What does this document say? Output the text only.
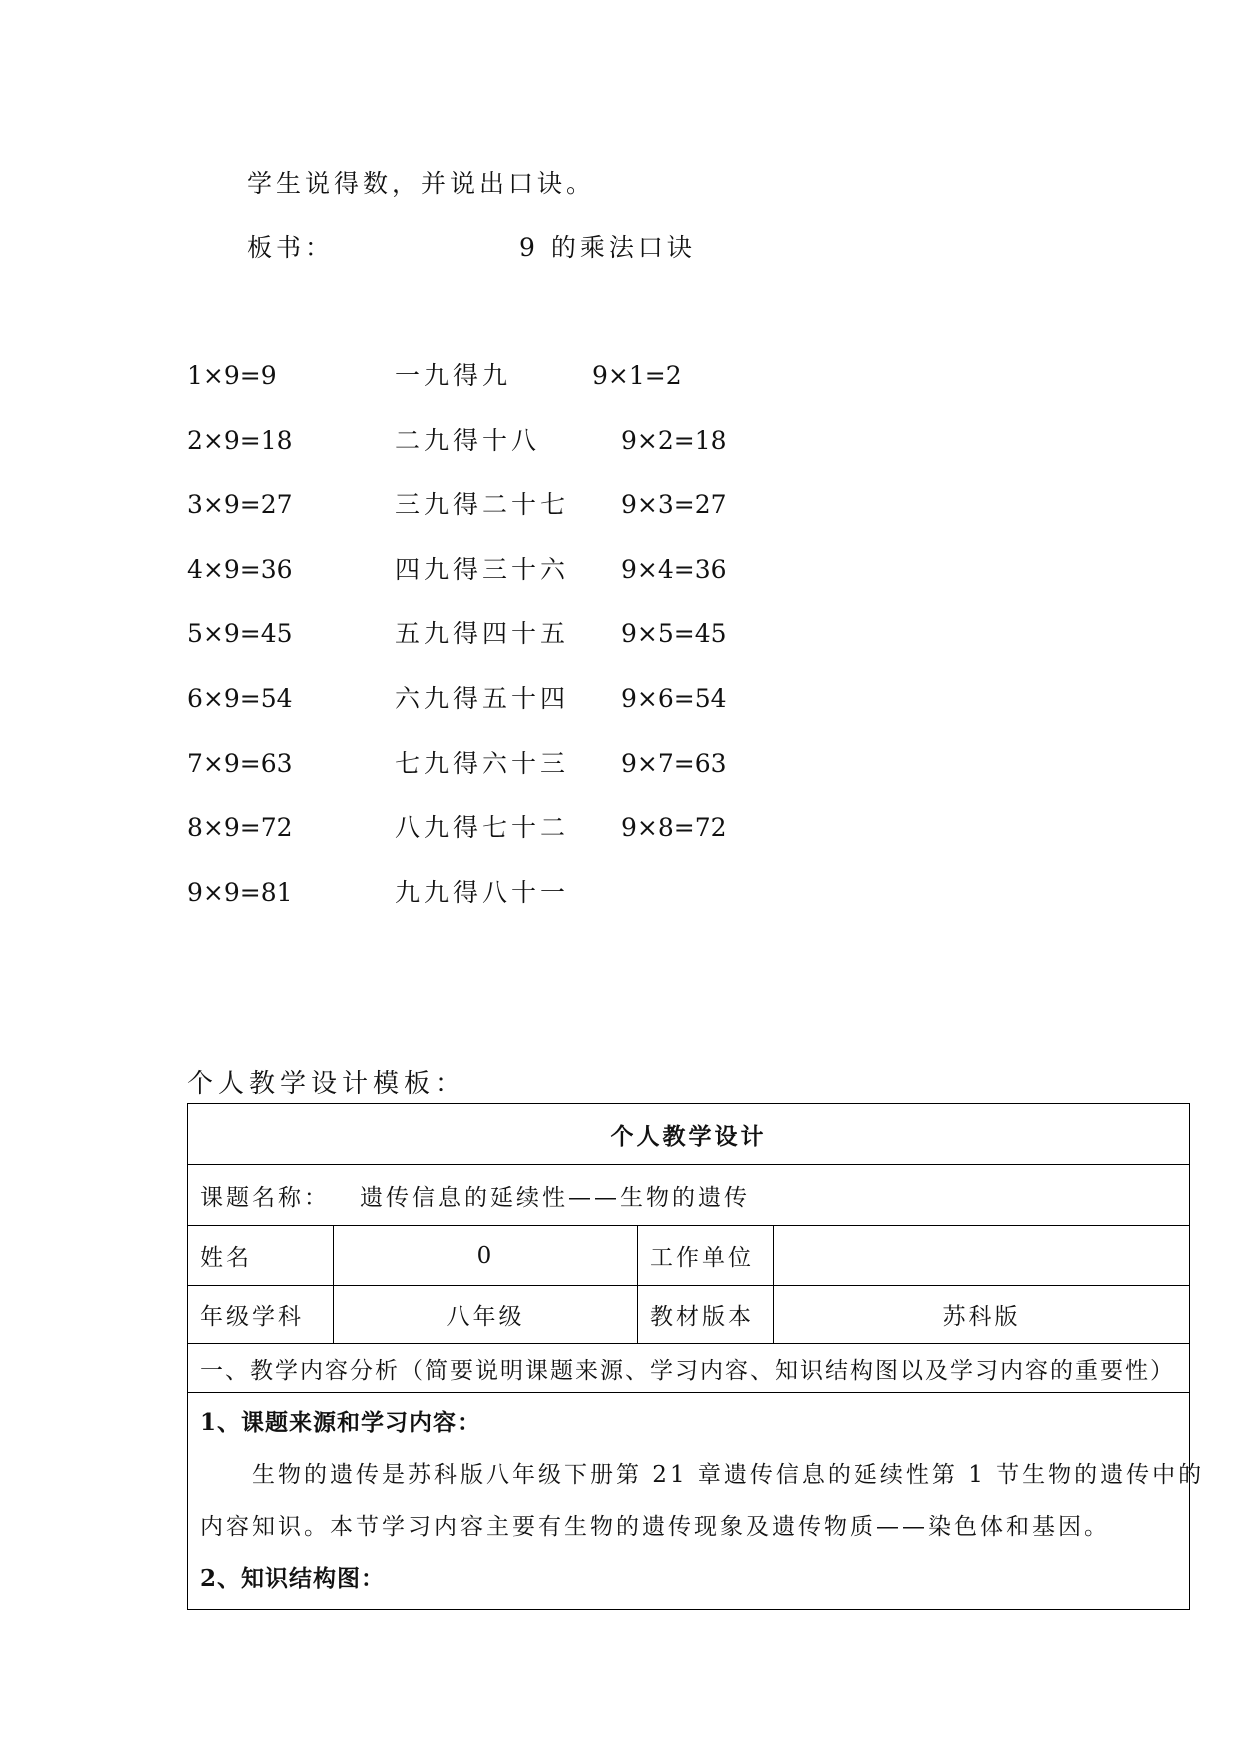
学生说得数，并说出口诀。
板书：	9 的乘法口诀
1×9=9	一九得九	9×1=2
2×9=18	二九得十八	9×2=18
3×9=27	三九得二十七 9×3=27
4×9=36	四九得三十六 9×4=36
5×9=45	五九得四十五 9×5=45
6×9=54	六九得五十四 9×6=54
7×9=63	七九得六十三 9×7=63
8×9=72	八九得七十二 9×8=72
9×9=81	九九得八十一
个人教学设计模板：
个人教学设计			
课题名称： 遗传信息的延续性——生物的遗传			
姓名	0	工作单位	
年级学科	八年级	教材版本	苏科版
一、教学内容分析（简要说明课题来源、学习内容、知识结构图以及学习内容的重要性）			

1、课题来源和学习内容：
生物的遗传是苏科版八年级下册第 21 章遗传信息的延续性第 1 节生物的遗传中的
内容知识。本节学习内容主要有生物的遗传现象及遗传物质——染色体和基因。
2、知识结构图：			
